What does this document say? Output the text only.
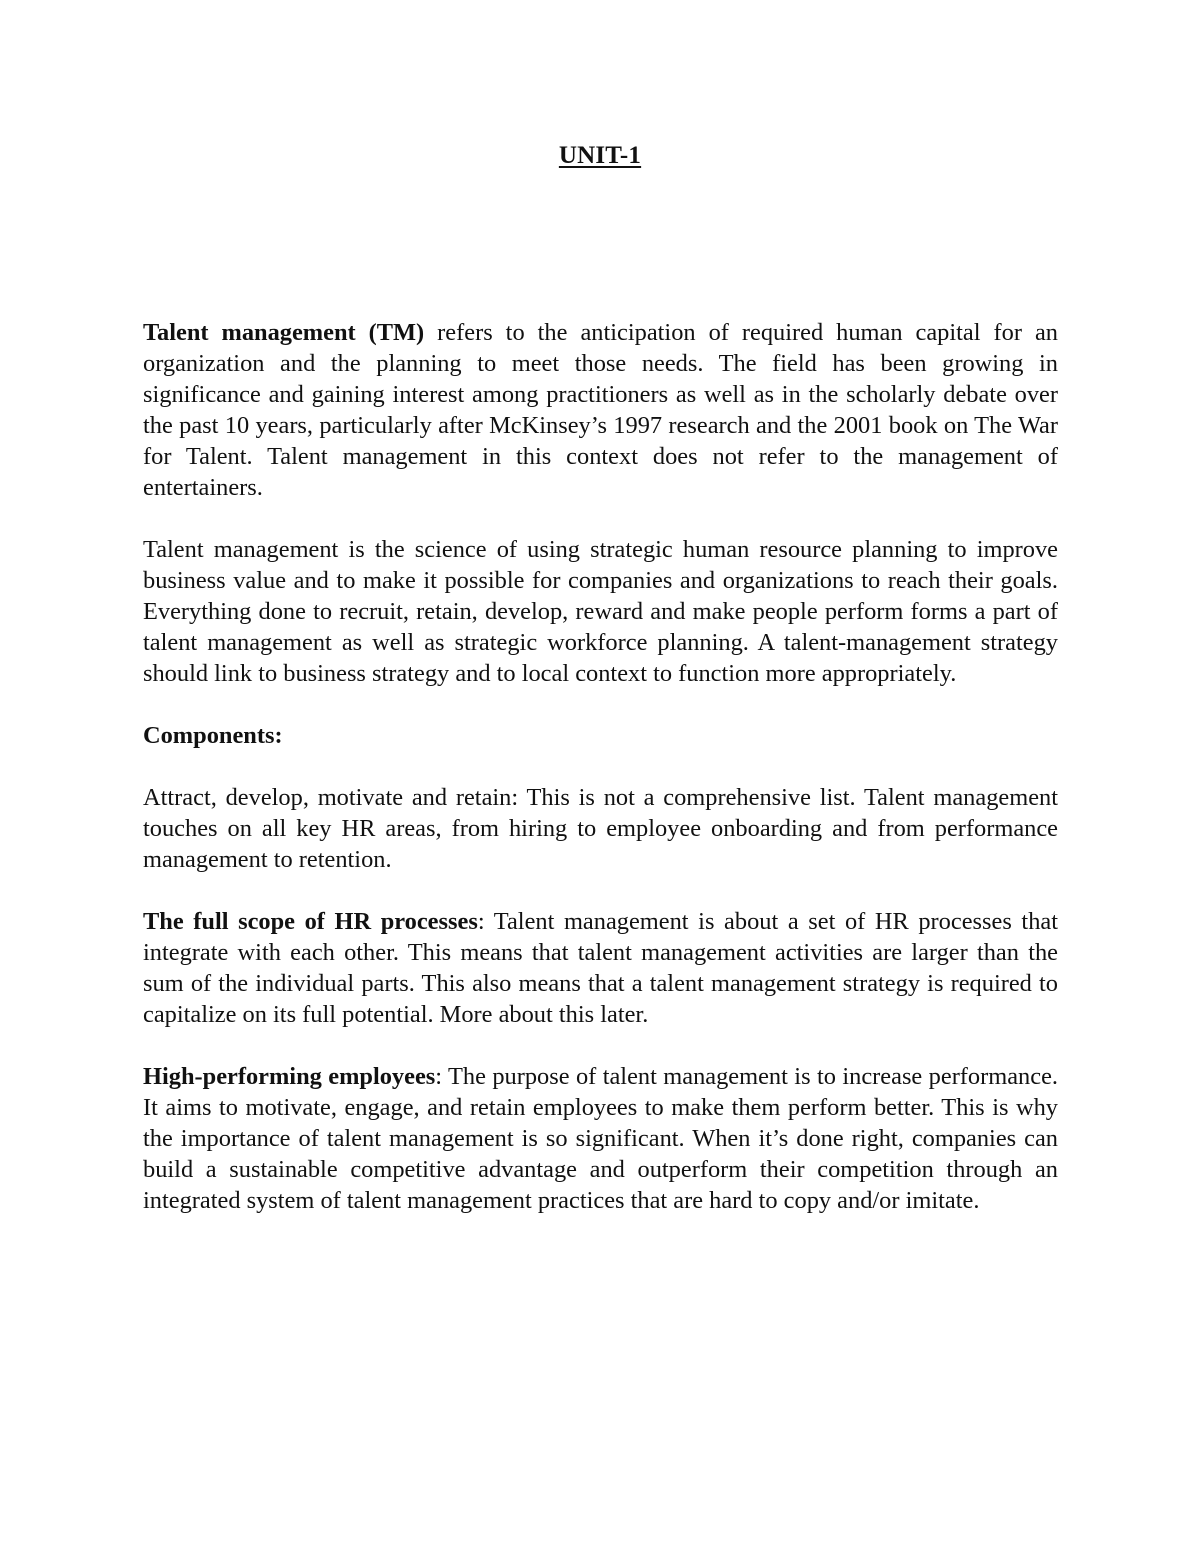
UNIT-1

Talent management (TM) refers to the anticipation of required human capital for an organization and the planning to meet those needs. The field has been growing in significance and gaining interest among practitioners as well as in the scholarly debate over the past 10 years, particularly after McKinsey’s 1997 research and the 2001 book on The War for Talent. Talent management in this context does not refer to the management of entertainers.

Talent management is the science of using strategic human resource planning to improve business value and to make it possible for companies and organizations to reach their goals. Everything done to recruit, retain, develop, reward and make people perform forms a part of talent management as well as strategic workforce planning. A talent-management strategy should link to business strategy and to local context to function more appropriately.

Components:

Attract, develop, motivate and retain: This is not a comprehensive list. Talent management touches on all key HR areas, from hiring to employee onboarding and from performance management to retention.

The full scope of HR processes: Talent management is about a set of HR processes that integrate with each other. This means that talent management activities are larger than the sum of the individual parts. This also means that a talent management strategy is required to capitalize on its full potential. More about this later.

High-performing employees: The purpose of talent management is to increase performance. It aims to motivate, engage, and retain employees to make them perform better. This is why the importance of talent management is so significant. When it’s done right, companies can build a sustainable competitive advantage and outperform their competition through an integrated system of talent management practices that are hard to copy and/or imitate.
